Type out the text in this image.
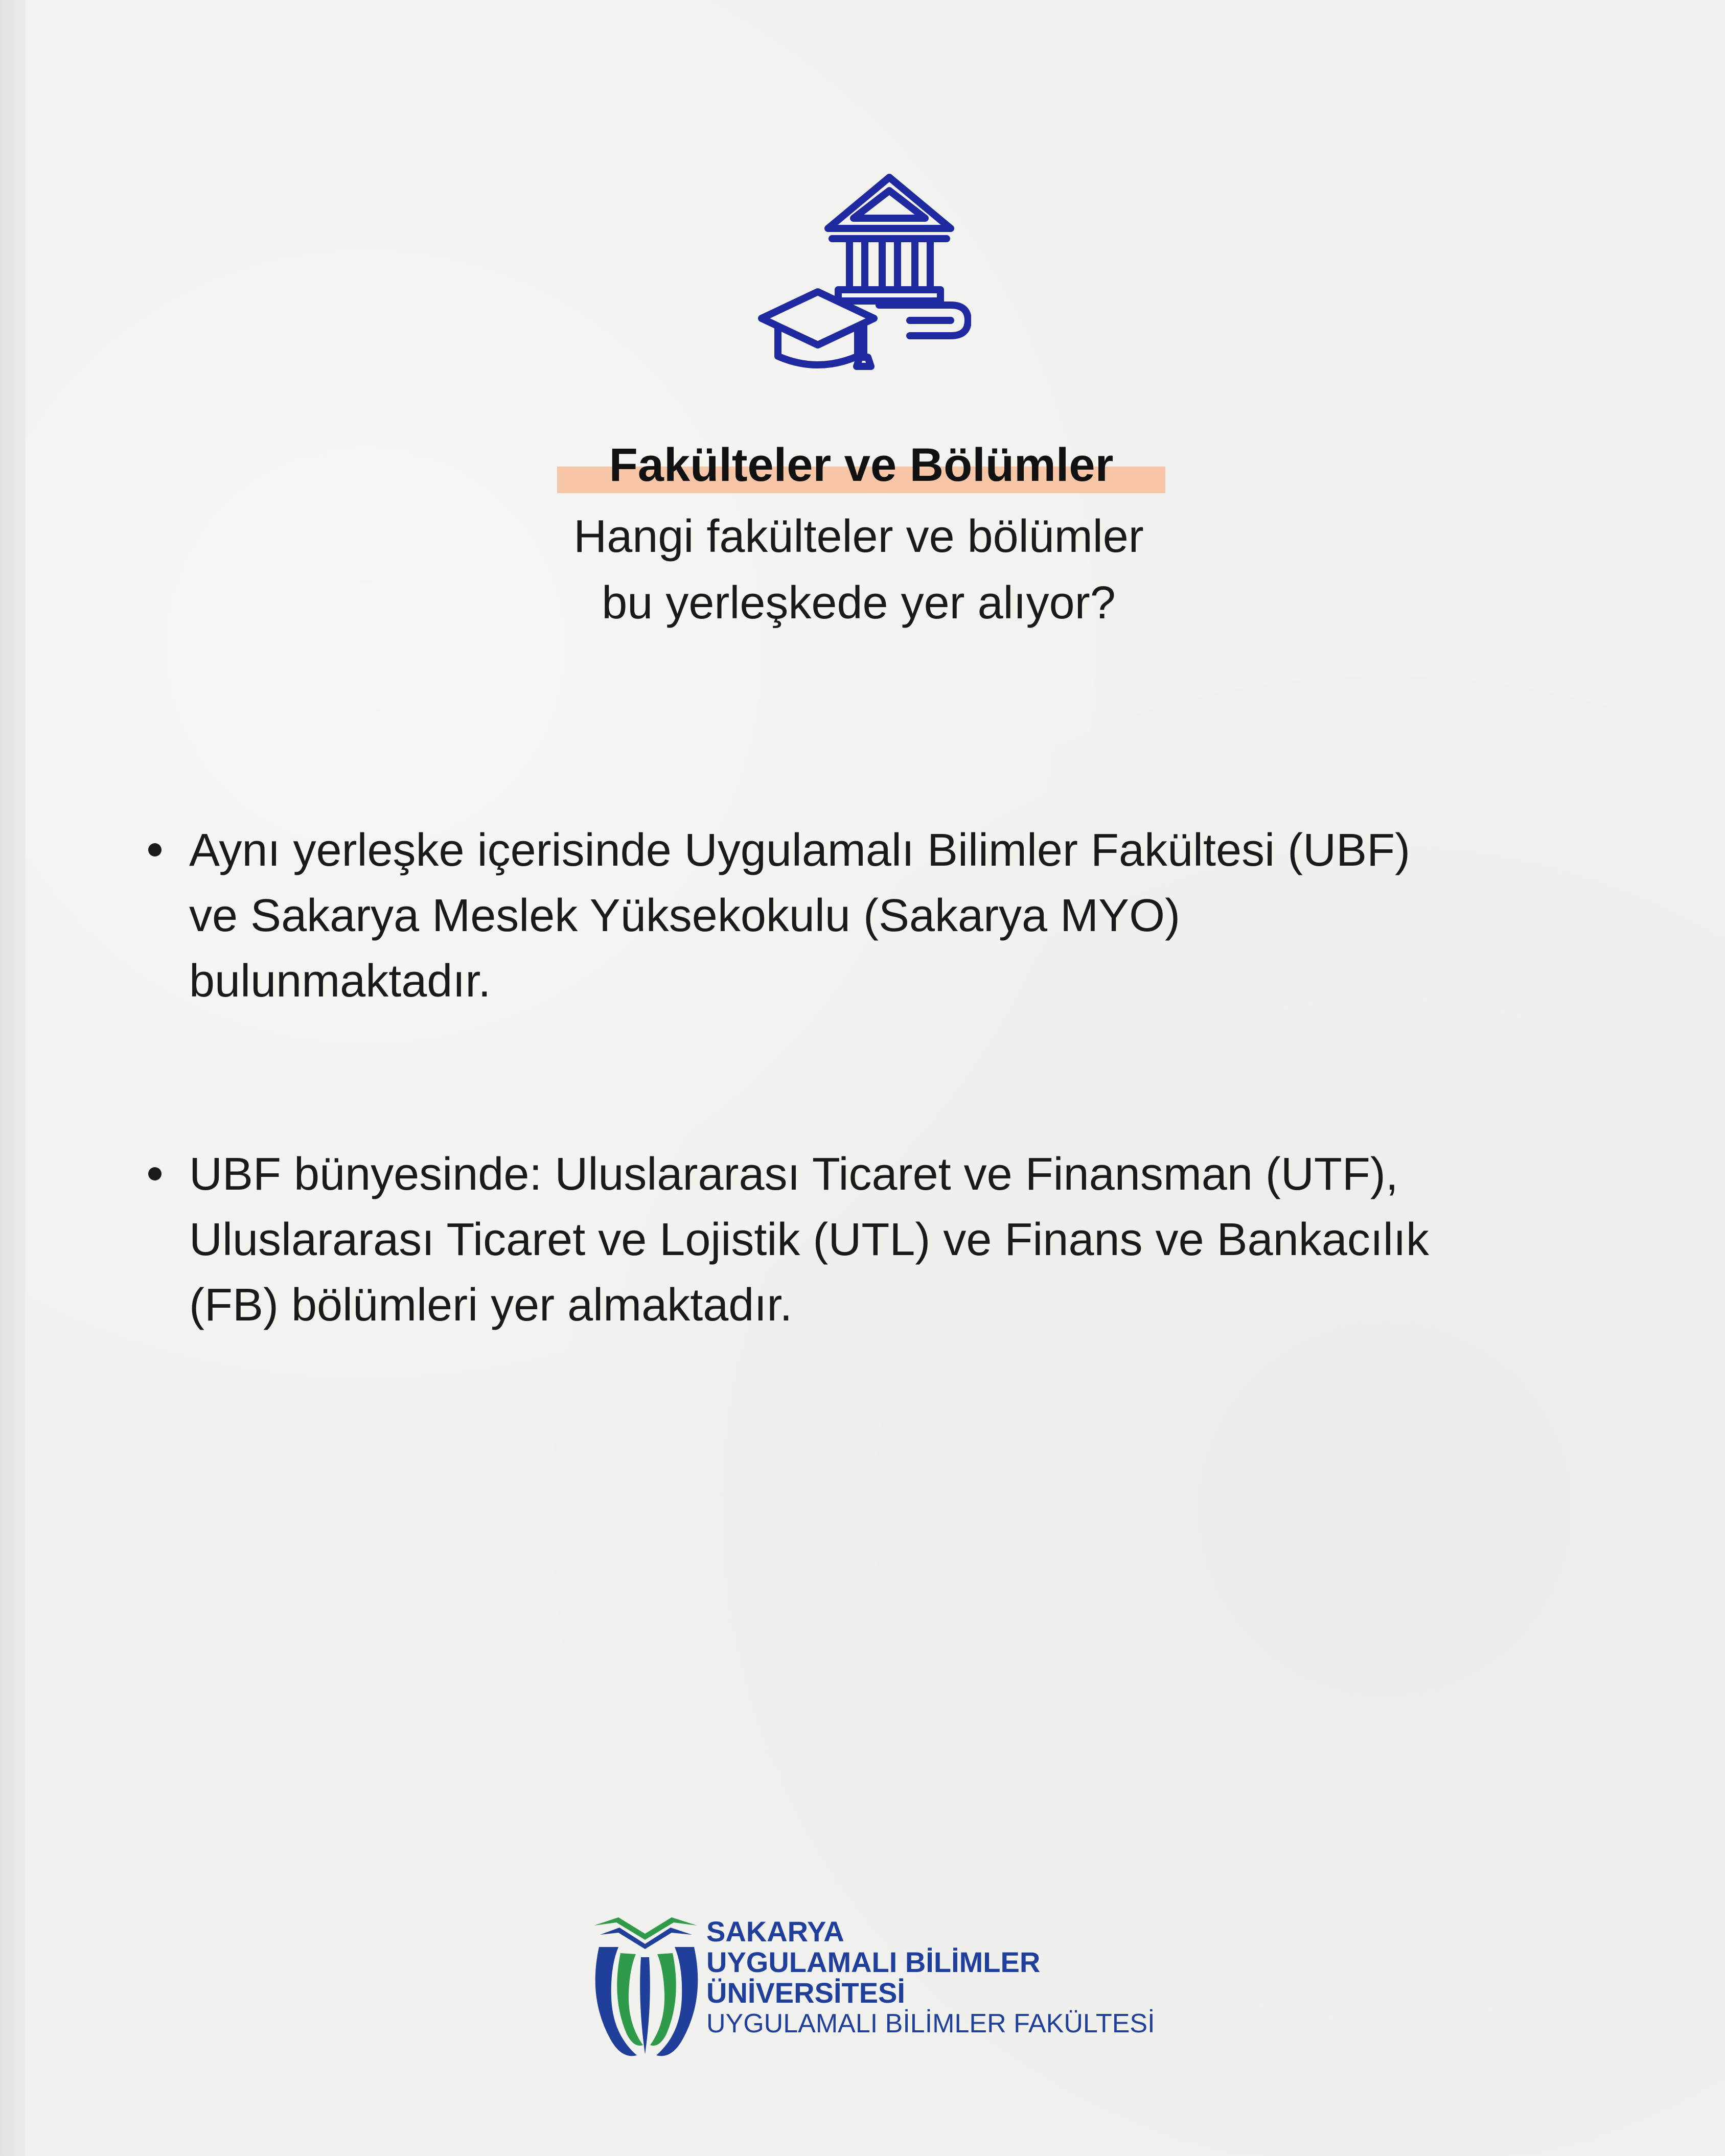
Fakülteler ve Bölümler
Hangi fakülteler ve bölümler
bu yerleşkede yer alıyor?
Aynı yerleşke içerisinde Uygulamalı Bilimler Fakültesi (UBF)
ve Sakarya Meslek Yüksekokulu (Sakarya MYO)
bulunmaktadır.
UBF bünyesinde: Uluslararası Ticaret ve Finansman (UTF),
Uluslararası Ticaret ve Lojistik (UTL) ve Finans ve Bankacılık
(FB) bölümleri yer almaktadır.
SAKARYA
UYGULAMALI BİLİMLER
ÜNİVERSİTESİ
UYGULAMALI BİLİMLER FAKÜLTESİ
